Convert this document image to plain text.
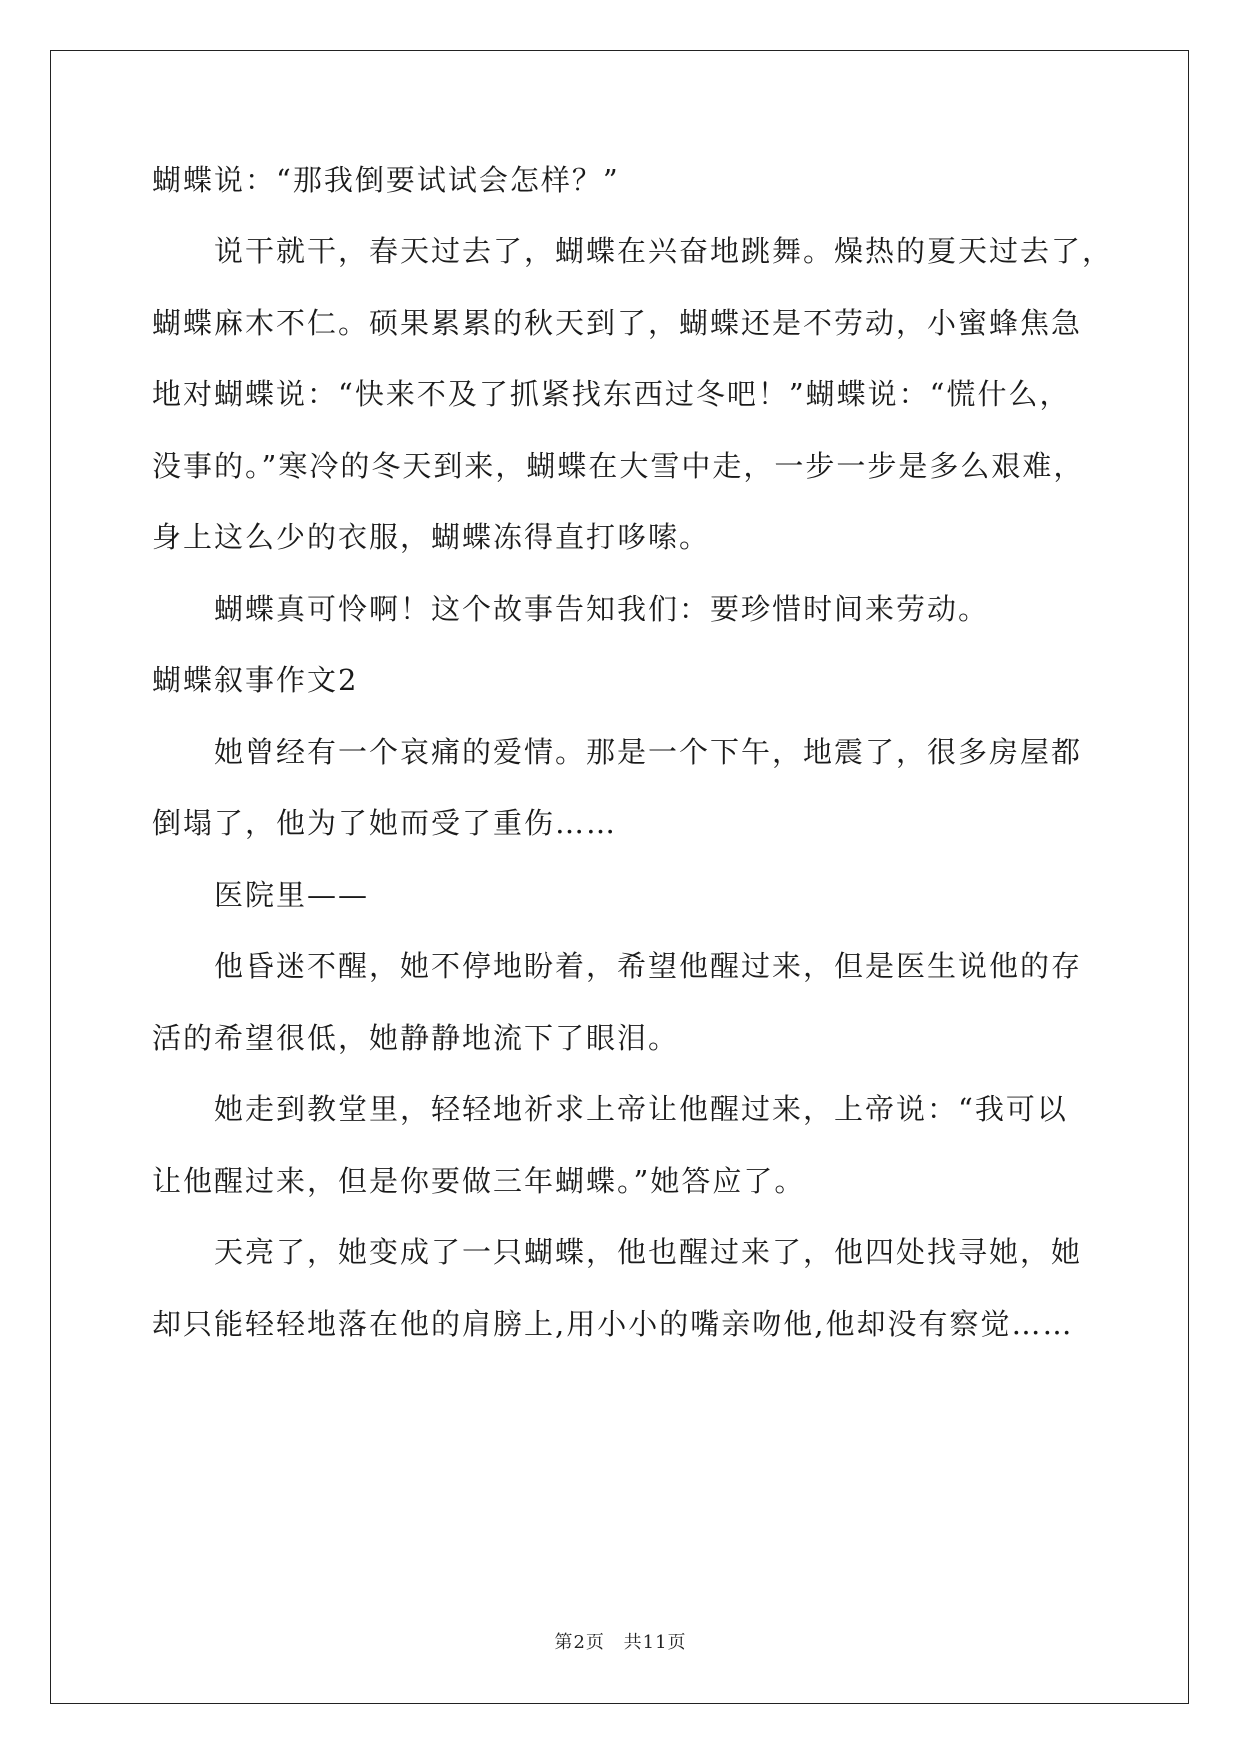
蝴蝶说：“那我倒要试试会怎样？”
说干就干，春天过去了，蝴蝶在兴奋地跳舞。燥热的夏天过去了，
蝴蝶麻木不仁。硕果累累的秋天到了，蝴蝶还是不劳动，小蜜蜂焦急
地对蝴蝶说：“快来不及了抓紧找东西过冬吧！”蝴蝶说：“慌什么，
没事的。”寒冷的冬天到来，蝴蝶在大雪中走，一步一步是多么艰难，
身上这么少的衣服，蝴蝶冻得直打哆嗦。
蝴蝶真可怜啊！这个故事告知我们：要珍惜时间来劳动。
蝴蝶叙事作文2
她曾经有一个哀痛的爱情。那是一个下午，地震了，很多房屋都
倒塌了，他为了她而受了重伤……
医院里——
他昏迷不醒，她不停地盼着，希望他醒过来，但是医生说他的存
活的希望很低，她静静地流下了眼泪。
她走到教堂里，轻轻地祈求上帝让他醒过来，上帝说：“我可以
让他醒过来，但是你要做三年蝴蝶。”她答应了。
天亮了，她变成了一只蝴蝶，他也醒过来了，他四处找寻她，她
却只能轻轻地落在他的肩膀上,用小小的嘴亲吻他,他却没有察觉……
第2页 共11页
